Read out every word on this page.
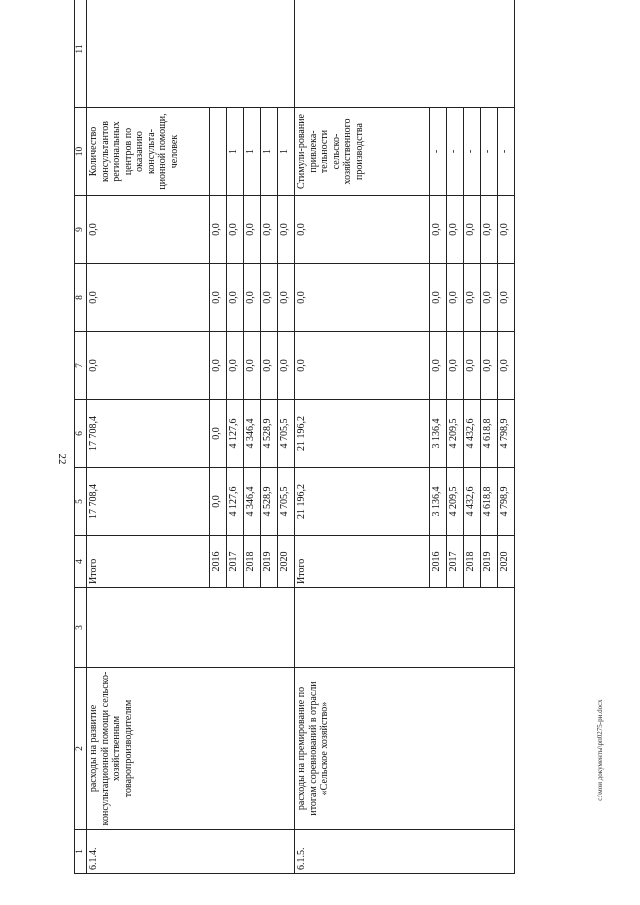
22
c:\мои документы\рп0275-ри.docx
1	2	3	4	5	6	7	8	9	10	11
6.1.4.	расходы на развитие консультационной помощи сельско-хозяйственным товаропроизводителям		Итого	17 708,4	17 708,4	0,0	0,0	0,0	Количество консультантов региональных центров по оказанию консульта-ционной помощи, человек	
			2016	0,0	0,0	0,0	0,0	0,0		
			2017	4 127,6	4 127,6	0,0	0,0	0,0	1	
			2018	4 346,4	4 346,4	0,0	0,0	0,0	1	
			2019	4 528,9	4 528,9	0,0	0,0	0,0	1	
			2020	4 705,5	4 705,5	0,0	0,0	0,0	1	
6.1.5.	расходы на премирование по итогам соревнований в отрасли «Сельское хозяйство»		Итого	21 196,2	21 196,2	0,0	0,0	0,0	Стимули-рование привлека-тельности сельско-хозяйственного производства	
			2016	3 136,4	3 136,4	0,0	0,0	0,0	-	
			2017	4 209,5	4 209,5	0,0	0,0	0,0	-	
			2018	4 432,6	4 432,6	0,0	0,0	0,0	-	
			2019	4 618,8	4 618,8	0,0	0,0	0,0	-	
			2020	4 798,9	4 798,9	0,0	0,0	0,0	-	
